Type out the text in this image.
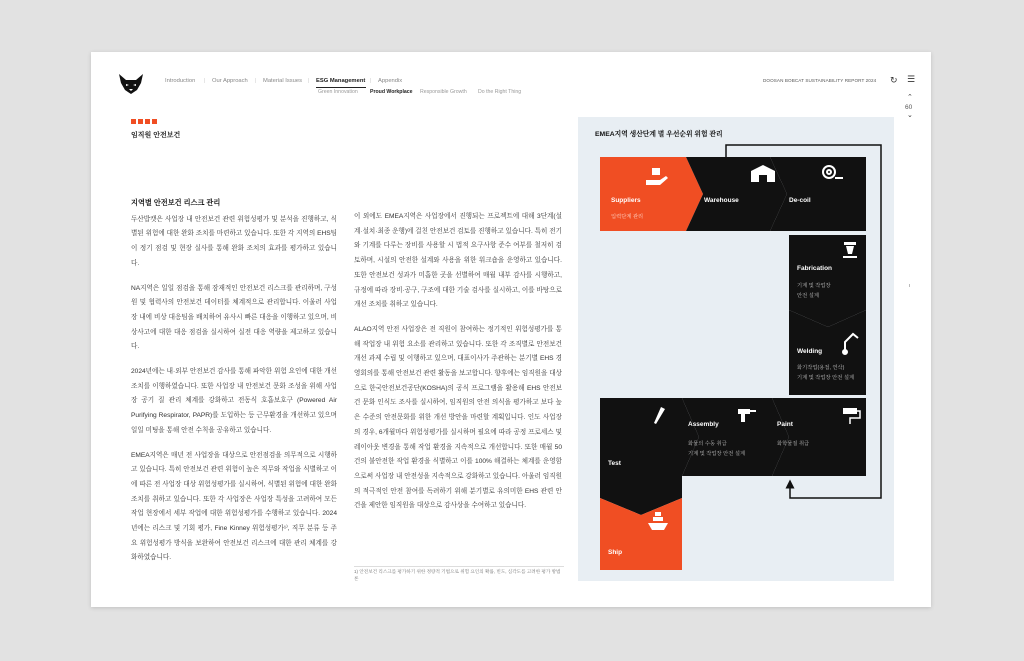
Introduction | Our Approach | Material Issues | ESG Management | Appendix
Green Innovation Proud Workplace Responsible Growth Do the Right Thing
DOOSAN BOBCAT SUSTAINABILITY REPORT 2024 ↻ ☰
⌃
60
⌄
임직원 안전보건
지역별 안전보건 리스크 관리

두산밥캣은 사업장 내 안전보건 관련 위험성평가 및 분석을 진행하고, 식별된 위험에 대한 완화 조치를 마련하고 있습니다. 또한 각 지역의 EHS팀이 정기 점검 및 현장 실사를 통해 완화 조치의 효과를 평가하고 있습니다.

NA지역은 일일 점검을 통해 잠재적인 안전보건 리스크를 관리하며, 구성원 및 협력사의 안전보건 데이터를 체계적으로 관리합니다. 이울러 사업장 내에 비상 대응팀을 배치하여 유사시 빠른 대응을 이행하고 있으며, 비상사고에 대한 대응 점검을 실시하여 실전 대응 역량을 제고하고 있습니다.

2024년에는 내·외부 안전보건 감사를 통해 파악한 위험 요인에 대한 개선 조치를 이행하였습니다. 또한 사업장 내 안전보건 문화 조성을 위해 사업장 공기 질 관리 체계를 강화하고 전동식 호흡보호구 (Powered Air Purifying Respirator, PAPR)를 도입하는 등 근무환경을 개선하고 있으며 일일 미팅을 통해 안전 수칙을 공유하고 있습니다.

EMEA지역은 매년 전 사업장을 대상으로 안전점검을 의무적으로 시행하고 있습니다. 특히 안전보건 관련 위험이 높은 직무와 작업을 식별하고 이에 따른 전 사업장 대상 위험성평가를 실시하여, 식별된 위험에 대한 완화 조치를 취하고 있습니다. 또한 각 사업장은 사업장 특성을 고려하여 모든 작업 현장에서 세부 작업에 대한 위험성평가를 수행하고 있습니다. 2024년에는 리스크 및 기회 평가, Fine Kinney 위험성평가¹⁾, 직무 분류 등 주요 위험성평가 방식을 보완하여 안전보건 리스크에 대한 관리 체계를 강화하였습니다.

이 외에도 EMEA지역은 사업장에서 진행되는 프로젝트에 대해 3단계(설계·설치·최종 운행)에 걸친 안전보건 검토를 진행하고 있습니다. 특히 전기와 기계를 다루는 장비를 사용할 시 법적 요구사항 준수 여부를 철저히 검토하며, 시설의 안전한 설계와 사용을 위한 워크숍을 운영하고 있습니다. 또한 안전보건 성과가 미흡한 곳을 선별하여 매월 내부 감사를 시행하고, 규정에 따라 장비·공구, 구조에 대한 기술 검사를 실시하고, 이를 바탕으로 개선 조치를 취하고 있습니다.

ALAO지역 안전 사업장은 전 직원이 참여하는 정기적인 위험성평가를 통해 작업장 내 위험 요소를 관리하고 있습니다. 또한 각 조직별로 안전보건 개선 과제 수립 및 이행하고 있으며, 대표이사가 주관하는 분기별 EHS 경영회의를 통해 안전보건 관련 활동을 보고합니다. 향후에는 임직원을 대상으로 한국안전보건공단(KOSHA)의 공식 프로그램을 활용해 EHS 안전보건 문화 인식도 조사를 실시하여, 임직원의 안전 의식을 평가하고 보다 높은 수준의 안전문화를 위한 개선 방안을 마련할 계획입니다. 인도 사업장의 경우, 6개월마다 위험성평가를 실시하며 필요에 따라 공정 프로세스 및 레이아웃 변경을 통해 작업 환경을 지속적으로 개선합니다. 또한 매월 50건의 불안전한 작업 환경을 식별하고 이를 100% 해결하는 체계를 운영함으로써 사업장 내 안전성을 지속적으로 강화하고 있습니다. 아울러 임직원의 적극적인 안전 참여를 독려하기 위해 분기별로 유의미한 EHS 관련 안건을 제안한 임직원을 대상으로 감사상을 수여하고 있습니다.

1) 안전보건 리스크를 평가하기 위한 정량적 기법으로 위험 요인의 확률, 빈도, 심각도를 고려한 평가 방법론
EMEA지역 생산단계 별 우선순위 위험 관리
Suppliers
입력단계 관리
Warehouse	De-coil
Fabrication
기계 및 작업장
안전 설계
Welding
화기작업(용접, 연삭)
기계 및 작업장 안전 설계
Paint
화학물질 취급
Assembly
화물의 수동 취급
기계 및 작업장 안전 설계
Test
Ship
